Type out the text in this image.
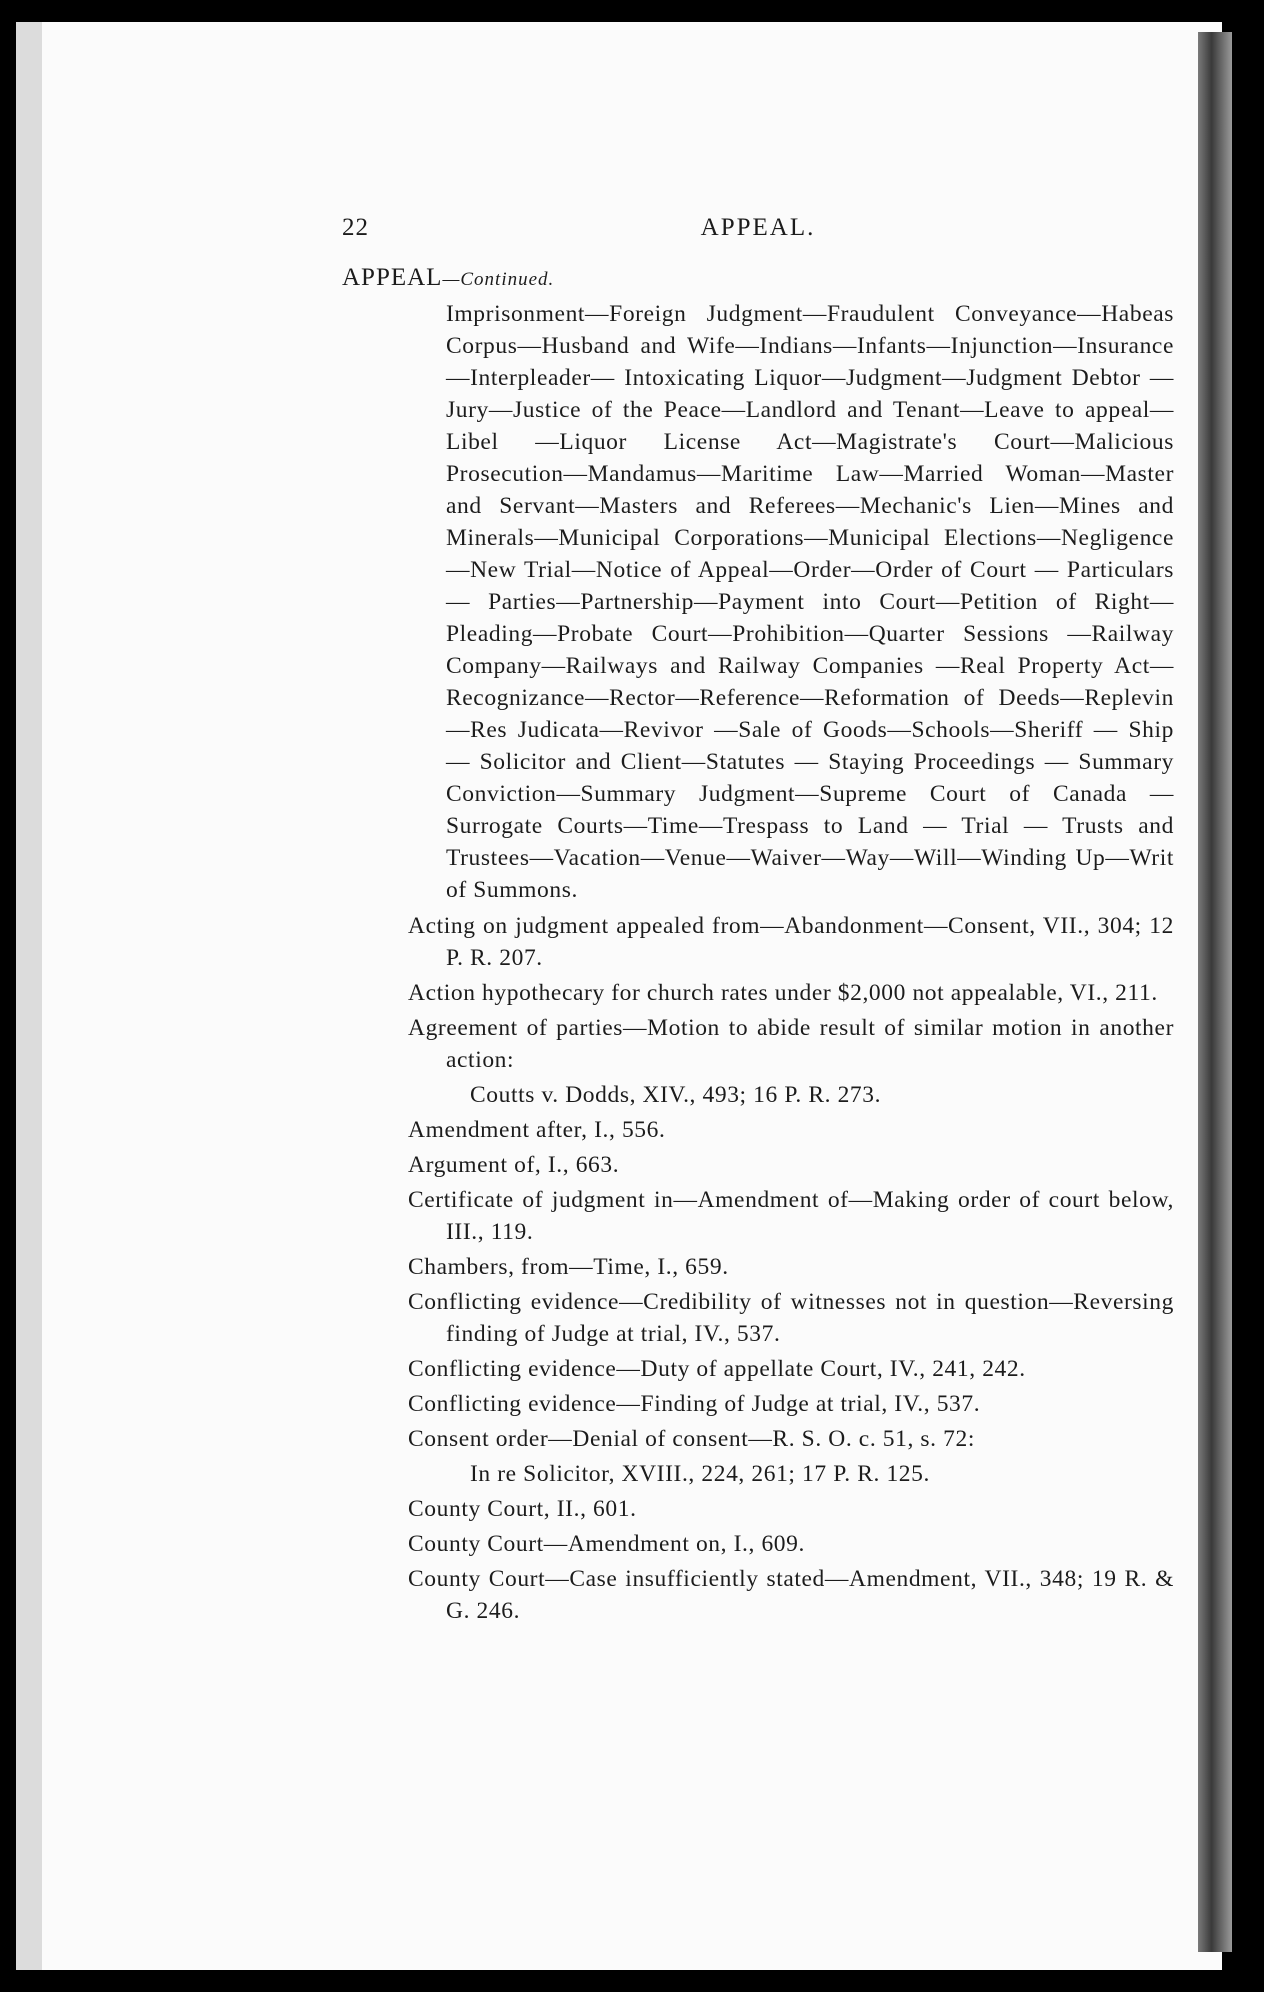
22	APPEAL.
APPEAL—Continued.
Imprisonment—Foreign Judgment—Fraudulent Conveyance—Habeas Corpus—Husband and Wife—Indians—Infants—Injunction—Insurance—Interpleader— Intoxicating Liquor—Judgment—Judgment Debtor — Jury—Justice of the Peace—Landlord and Tenant—Leave to appeal—Libel —Liquor License Act—Magistrate's Court—Malicious Prosecution—Mandamus—Maritime Law—Married Woman—Master and Servant—Masters and Referees—Mechanic's Lien—Mines and Minerals—Municipal Corporations—Municipal Elections—Negligence—New Trial—Notice of Appeal—Order—Order of Court — Particulars — Parties—Partnership—Payment into Court—Petition of Right—Pleading—Probate Court—Prohibition—Quarter Sessions —Railway Company—Railways and Railway Companies —Real Property Act—Recognizance—Rector—Reference—Reformation of Deeds—Replevin—Res Judicata—Revivor —Sale of Goods—Schools—Sheriff — Ship — Solicitor and Client—Statutes — Staying Proceedings — Summary Conviction—Summary Judgment—Supreme Court of Canada —Surrogate Courts—Time—Trespass to Land — Trial — Trusts and Trustees—Vacation—Venue—Waiver—Way—Will—Winding Up—Writ of Summons.
Acting on judgment appealed from—Abandonment—Consent, VII., 304; 12 P. R. 207.
Action hypothecary for church rates under $2,000 not appealable, VI., 211.
Agreement of parties—Motion to abide result of similar motion in another action:
Coutts v. Dodds, XIV., 493; 16 P. R. 273.
Amendment after, I., 556.
Argument of, I., 663.
Certificate of judgment in—Amendment of—Making order of court below, III., 119.
Chambers, from—Time, I., 659.
Conflicting evidence—Credibility of witnesses not in question—Reversing finding of Judge at trial, IV., 537.
Conflicting evidence—Duty of appellate Court, IV., 241, 242.
Conflicting evidence—Finding of Judge at trial, IV., 537.
Consent order—Denial of consent—R. S. O. c. 51, s. 72:
In re Solicitor, XVIII., 224, 261; 17 P. R. 125.
County Court, II., 601.
County Court—Amendment on, I., 609.
County Court—Case insufficiently stated—Amendment, VII., 348; 19 R. & G. 246.
